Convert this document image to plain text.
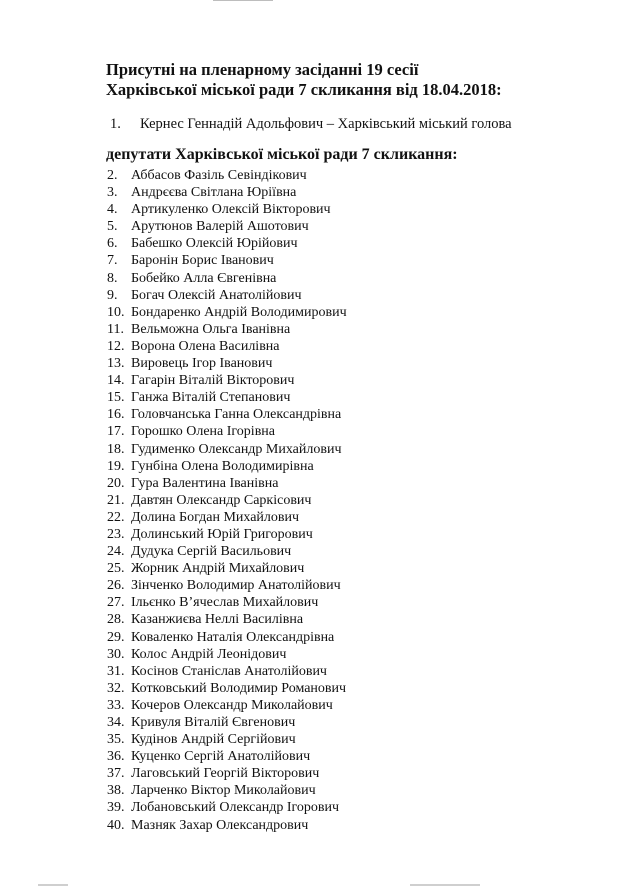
Присутні на пленарному засіданні 19 сесії
Харківської міської ради 7 скликання від 18.04.2018:
1. Кернес Геннадій Адольфович – Харківський міський голова
депутати Харківської міської ради 7 скликання:
2. Аббасов Фазіль Севіндікович
3. Андрєєва Світлана Юріївна
4. Артикуленко Олексій Вікторович
5. Арутюнов Валерій Ашотович
6. Бабешко Олексій Юрійович
7. Баронін Борис Іванович
8. Бобейко Алла Євгенівна
9. Богач Олексій Анатолійович
10. Бондаренко Андрій Володимирович
11. Вельможна Ольга Іванівна
12. Ворона Олена Василівна
13. Вировець Ігор Іванович
14. Гагарін Віталій Вікторович
15. Ганжа Віталій Степанович
16. Головчанська Ганна Олександрівна
17. Горошко Олена Ігорівна
18. Гудименко Олександр Михайлович
19. Гунбіна Олена Володимирівна
20. Гура Валентина Іванівна
21. Давтян Олександр Саркісович
22. Долина Богдан Михайлович
23. Долинський Юрій Григорович
24. Дудука Сергій Васильович
25. Жорник Андрій Михайлович
26. Зінченко Володимир Анатолійович
27. Ільєнко В’ячеслав Михайлович
28. Казанжиєва Неллі Василівна
29. Коваленко Наталія Олександрівна
30. Колос Андрій Леонідович
31. Косінов Станіслав Анатолійович
32. Котковський Володимир Романович
33. Кочеров Олександр Миколайович
34. Кривуля Віталій Євгенович
35. Кудінов Андрій Сергійович
36. Куценко Сергій Анатолійович
37. Лаговський Георгій Вікторович
38. Ларченко Віктор Миколайович
39. Лобановський Олександр Ігорович
40. Мазняк Захар Олександрович
